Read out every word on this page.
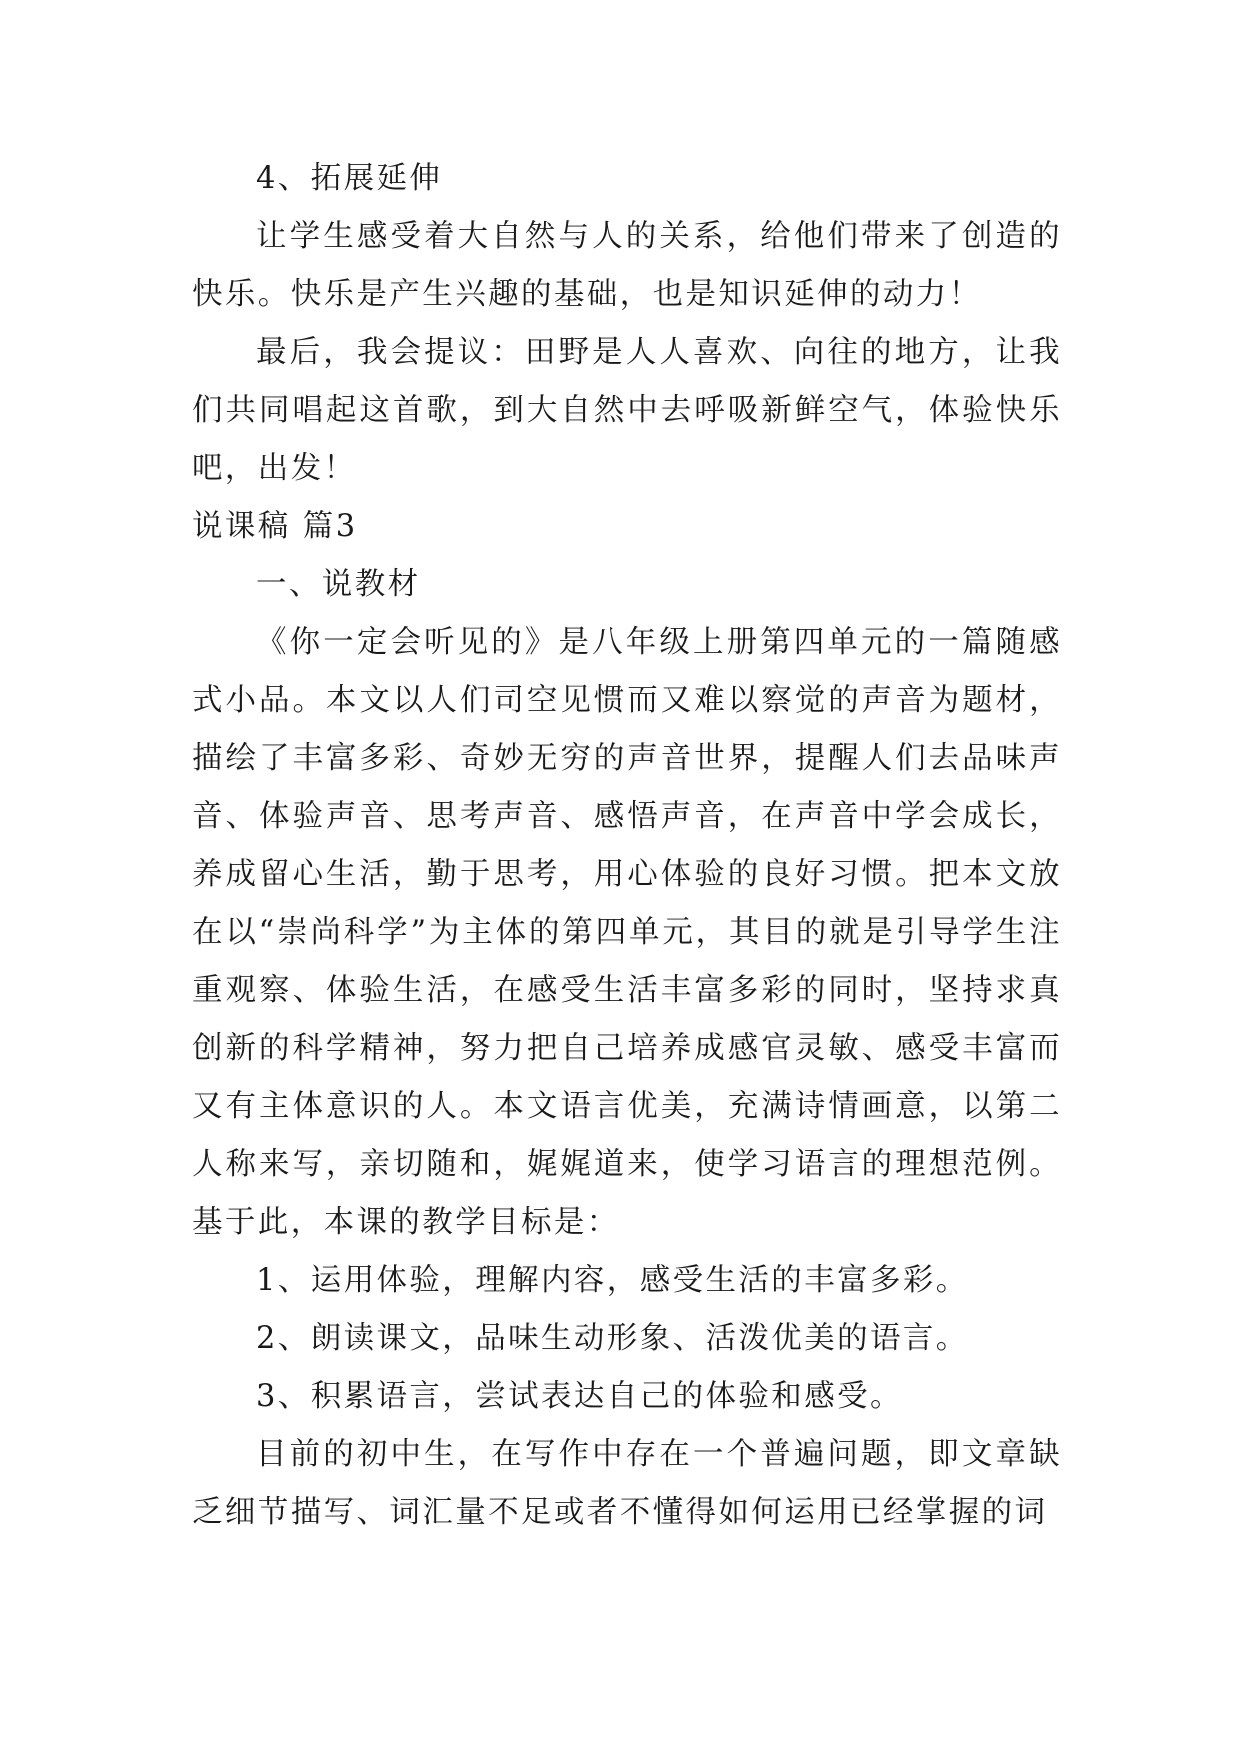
4、拓展延伸

让学生感受着大自然与人的关系，给他们带来了创造的快乐。快乐是产生兴趣的基础，也是知识延伸的动力！

最后，我会提议：田野是人人喜欢、向往的地方，让我们共同唱起这首歌，到大自然中去呼吸新鲜空气，体验快乐吧，出发！

说课稿 篇3

一、说教材

《你一定会听见的》是八年级上册第四单元的一篇随感式小品。本文以人们司空见惯而又难以察觉的声音为题材，描绘了丰富多彩、奇妙无穷的声音世界，提醒人们去品味声音、体验声音、思考声音、感悟声音，在声音中学会成长，养成留心生活，勤于思考，用心体验的良好习惯。把本文放在以“崇尚科学”为主体的第四单元，其目的就是引导学生注重观察、体验生活，在感受生活丰富多彩的同时，坚持求真创新的科学精神，努力把自己培养成感官灵敏、感受丰富而又有主体意识的人。本文语言优美，充满诗情画意，以第二人称来写，亲切随和，娓娓道来，使学习语言的理想范例。基于此，本课的教学目标是：

1、运用体验，理解内容，感受生活的丰富多彩。

2、朗读课文，品味生动形象、活泼优美的语言。

3、积累语言，尝试表达自己的体验和感受。

目前的初中生，在写作中存在一个普遍问题，即文章缺乏细节描写、词汇量不足或者不懂得如何运用已经掌握的词
